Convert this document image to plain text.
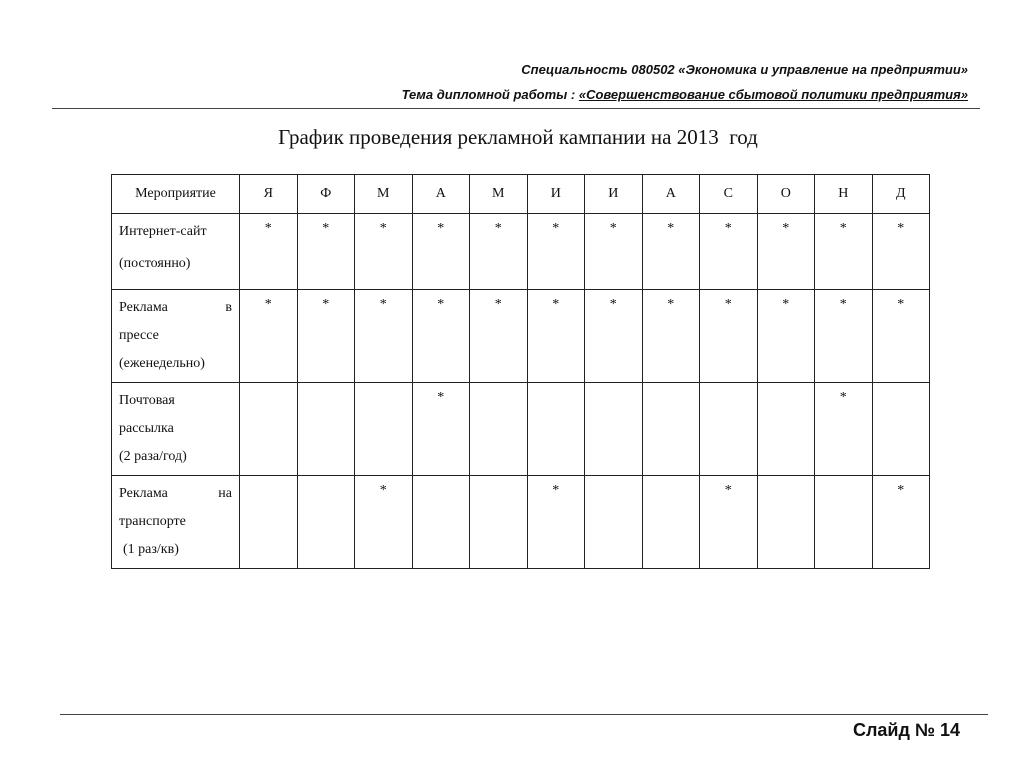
Специальность 080502 «Экономика и управление на предприятии»
Тема дипломной работы : «Совершенствование сбытовой политики предприятия»
График проведения рекламной кампании на 2013  год
Мероприятие	Я	Ф	М	А	М	И	И	А	С	О	Н	Д

Интернет-сайт
(постоянно)	*	*	*	*	*	*	*	*	*	*	*	*

Реклама в
прессе
(еженедельно)	*	*	*	*	*	*	*	*	*	*	*	*

Почтовая
рассылка
(2 раза/год)				*							*	

Реклама на
транспорте
(1 раз/кв)			*			*			*			*
Слайд № 14
